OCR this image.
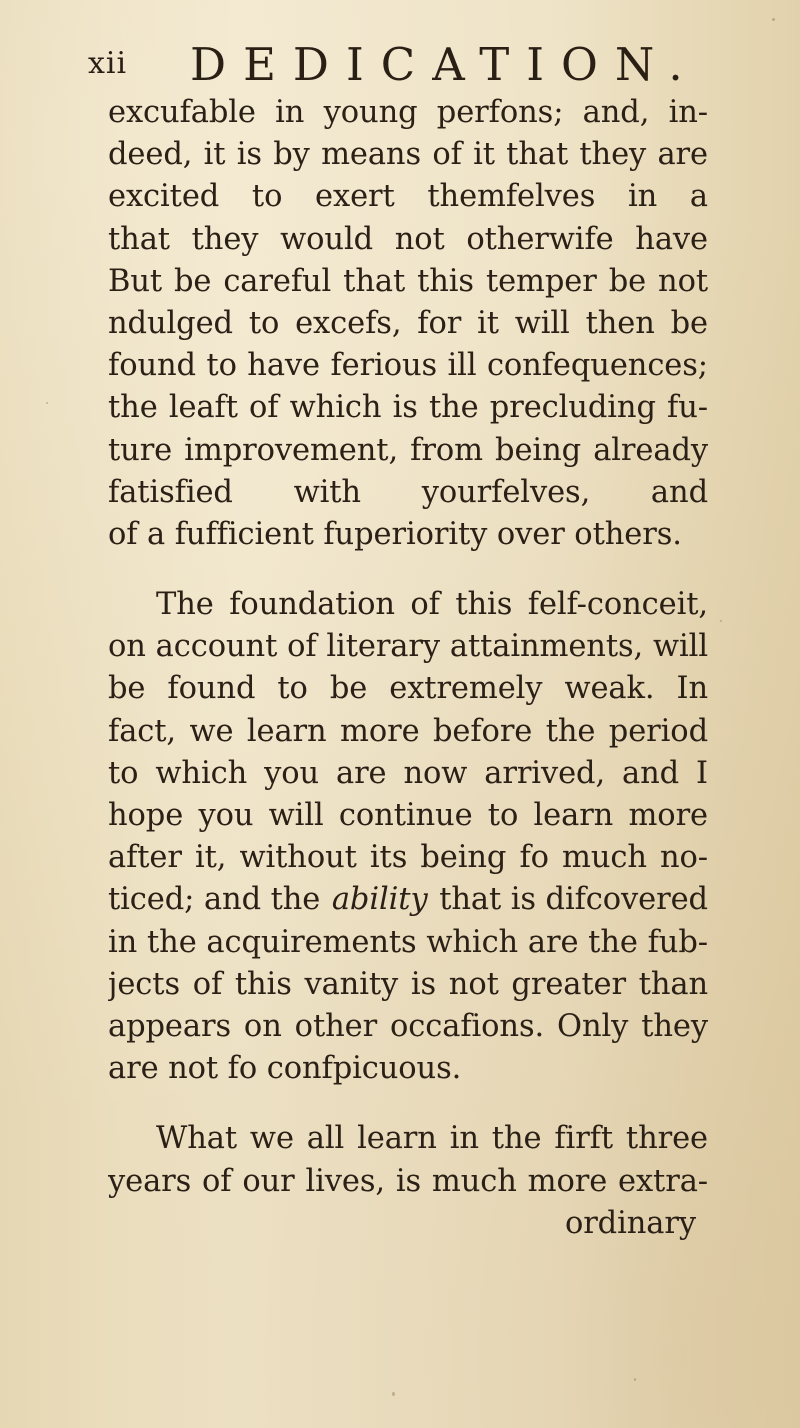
xii DEDICATION.
excufable in young perfons; and, in-
deed, it is by means of it that they are
excited to exert themfelves in a
that they would not otherwife have
But be careful that this temper be not
ndulged to excefs, for it will then be
found to have ferious ill confequences;
the leaft of which is the precluding fu-
ture improvement, from being already
fatisfied with yourfelves, and
of a fufficient fuperiority over others.
The foundation of this felf-conceit,
on account of literary attainments, will
be found to be extremely weak. In
fact, we learn more before the period
to which you are now arrived, and I
hope you will continue to learn more
after it, without its being fo much no-
ticed; and the ability that is difcovered
in the acquirements which are the fub-
jects of this vanity is not greater than
appears on other occafions. Only they
are not fo confpicuous.
What we all learn in the firft three
years of our lives, is much more extra-
ordinary
